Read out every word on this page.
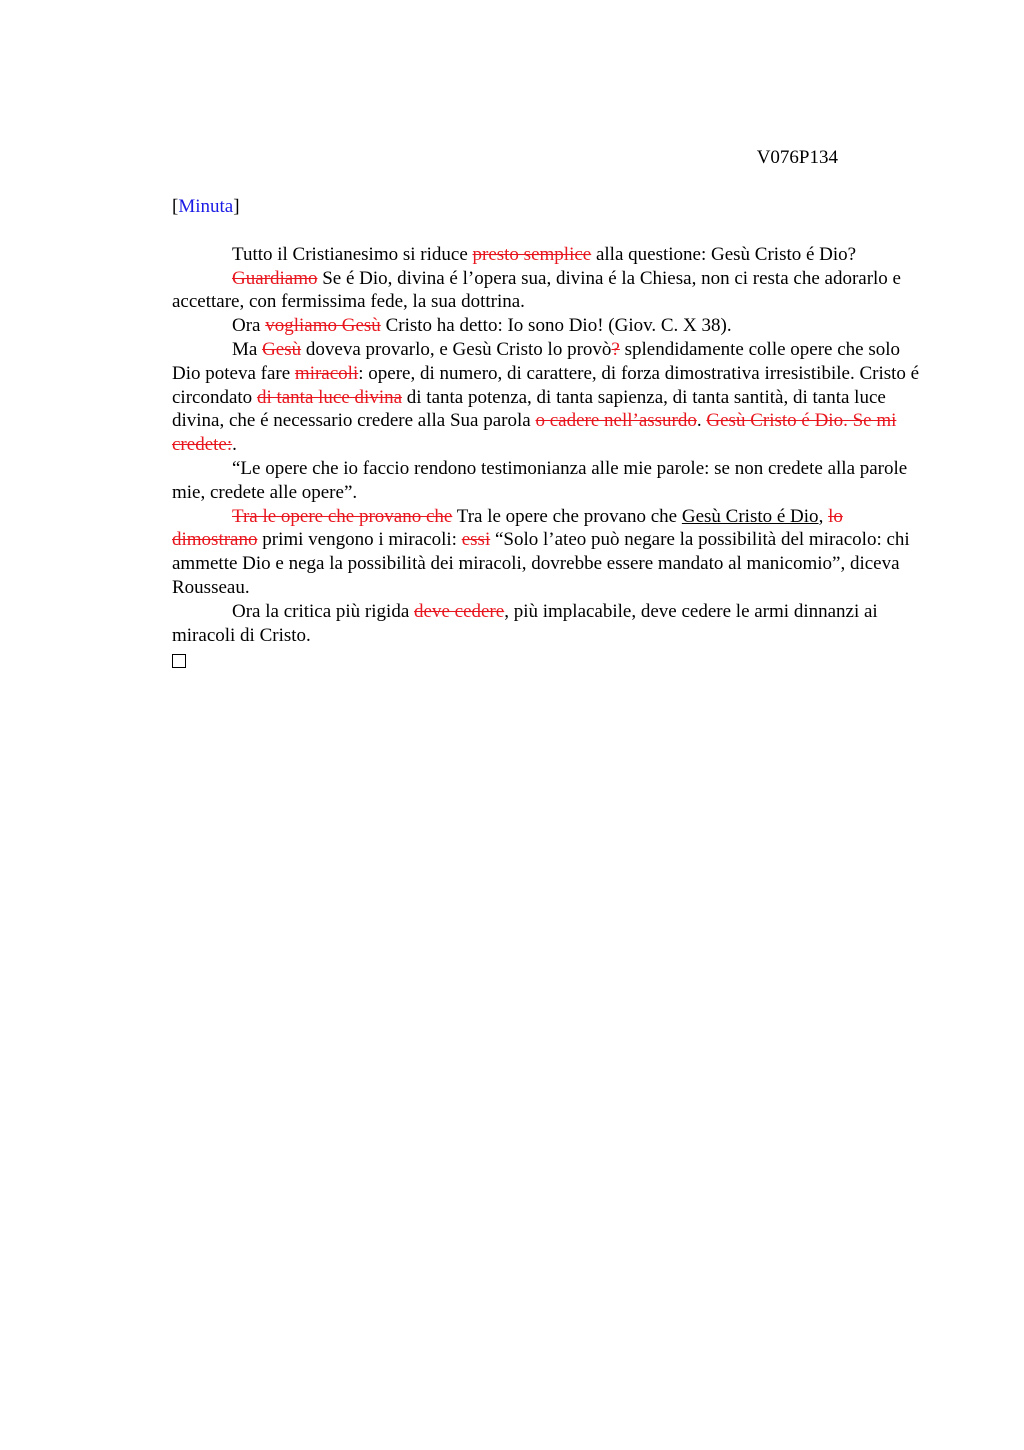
V076P134
[Minuta]

Tutto il Cristianesimo si riduce presto semplice alla questione: Gesù Cristo é Dio?

Guardiamo Se é Dio, divina é l’opera sua, divina é la Chiesa, non ci resta che adorarlo e accettare, con fermissima fede, la sua dottrina.

Ora vogliamo Gesù Cristo ha detto: Io sono Dio! (Giov. C. X 38).

Ma Gesù doveva provarlo, e Gesù Cristo lo provò? splendidamente colle opere che solo Dio poteva fare miracoli: opere, di numero, di carattere, di forza dimostrativa irresistibile. Cristo é circondato di tanta luce divina di tanta potenza, di tanta sapienza, di tanta santità, di tanta luce divina, che é necessario credere alla Sua parola o cadere nell’assurdo. Gesù Cristo é Dio. Se mi credete:.

“Le opere che io faccio rendono testimonianza alle mie parole: se non credete alla parole mie, credete alle opere”.

Tra le opere che provano che Tra le opere che provano che Gesù Cristo é Dio, lo dimostrano primi vengono i miracoli: essi “Solo l’ateo può negare la possibilità del miracolo: chi ammette Dio e nega la possibilità dei miracoli, dovrebbe essere mandato al manicomio”, diceva Rousseau.

Ora la critica più rigida deve cedere, più implacabile, deve cedere le armi dinnanzi ai miracoli di Cristo.
